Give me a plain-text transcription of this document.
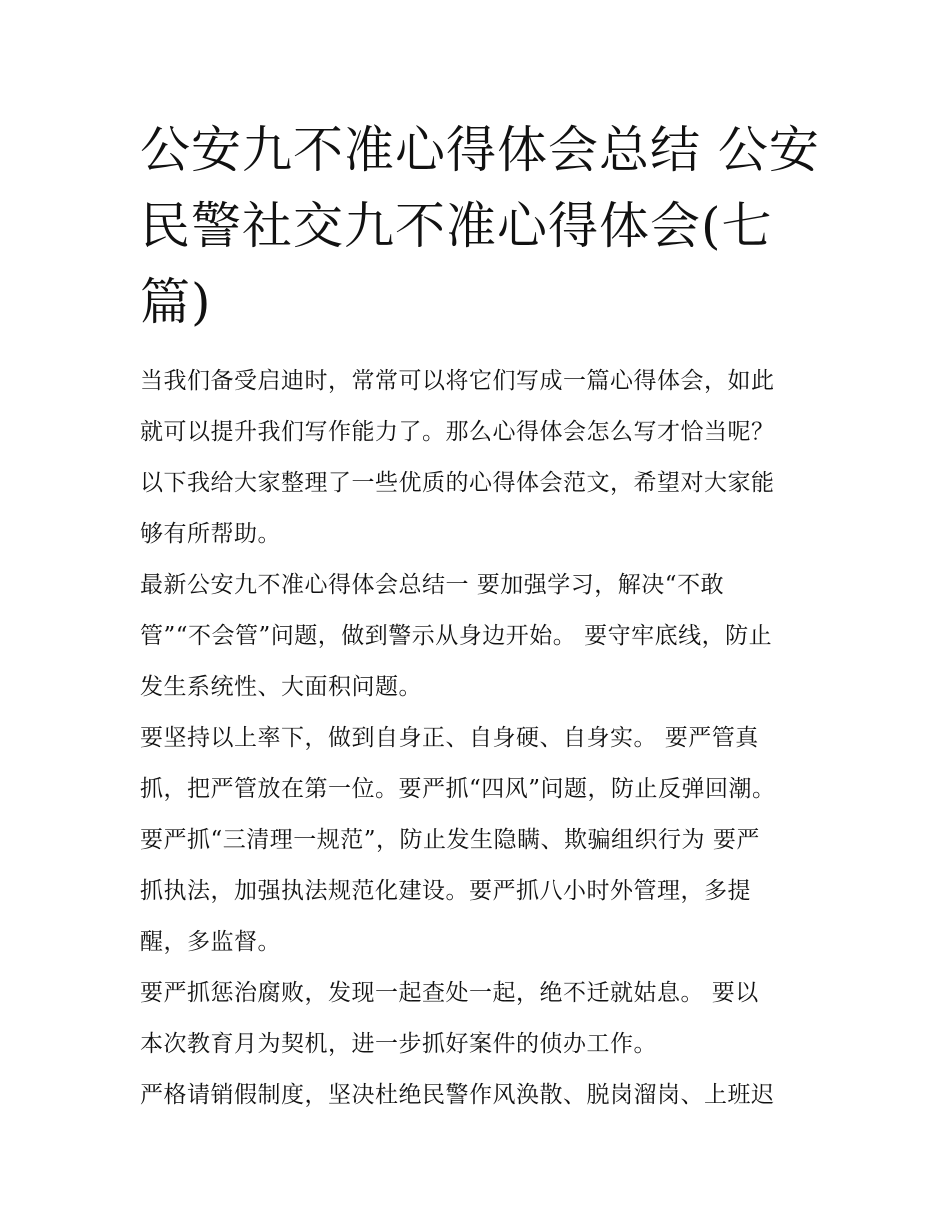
公安九不准心得体会总结 公安
民警社交九不准心得体会(七
篇)

当我们备受启迪时，常常可以将它们写成一篇心得体会，如此
就可以提升我们写作能力了。那么心得体会怎么写才恰当呢？
以下我给大家整理了一些优质的心得体会范文，希望对大家能
够有所帮助。

最新公安九不准心得体会总结一 要加强学习，解决“不敢
管”“不会管”问题，做到警示从身边开始。 要守牢底线，防止
发生系统性、大面积问题。

要坚持以上率下，做到自身正、自身硬、自身实。 要严管真
抓，把严管放在第一位。要严抓“四风”问题，防止反弹回潮。
要严抓“三清理一规范”，防止发生隐瞒、欺骗组织行为 要严
抓执法，加强执法规范化建设。要严抓八小时外管理，多提
醒，多监督。

要严抓惩治腐败，发现一起查处一起，绝不迁就姑息。 要以
本次教育月为契机，进一步抓好案件的侦办工作。

严格请销假制度，坚决杜绝民警作风涣散、脱岗溜岗、上班迟
